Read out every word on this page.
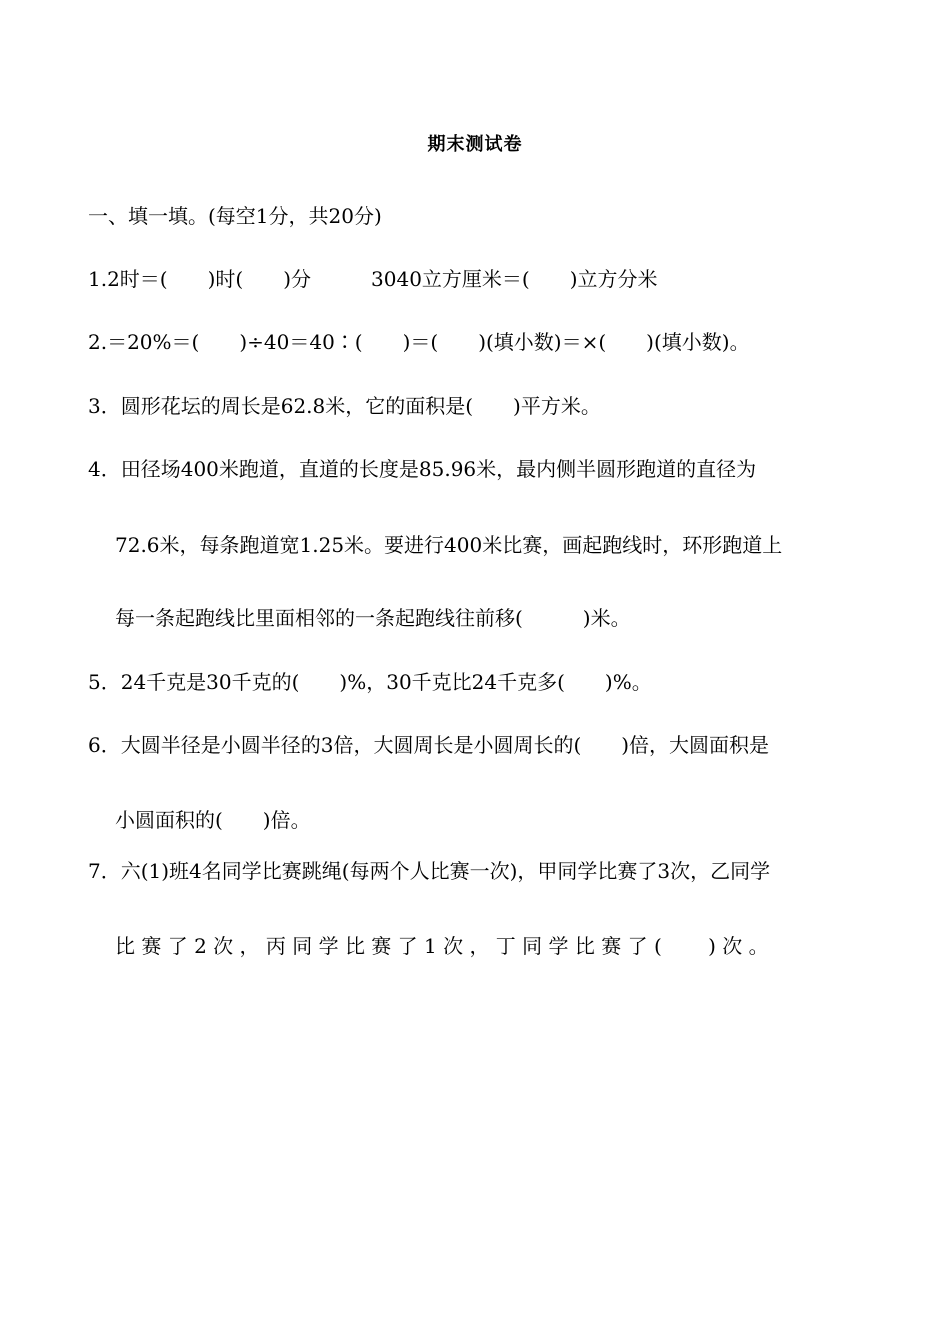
期末测试卷
一、填一填。(每空1分，共20分)
1.2时＝(　　)时(　　)分　　　3040立方厘米＝(　　)立方分米
2.＝20%＝(　　)÷40＝40∶(　　)＝(　　)(填小数)＝×(　　)(填小数)。
3．圆形花坛的周长是62.8米，它的面积是(　　)平方米。
4．田径场400米跑道，直道的长度是85.96米，最内侧半圆形跑道的直径为
72.6米，每条跑道宽1.25米。要进行400米比赛，画起跑线时，环形跑道上
每一条起跑线比里面相邻的一条起跑线往前移(　　　)米。
5．24千克是30千克的(　　)%，30千克比24千克多(　　)%。
6．大圆半径是小圆半径的3倍，大圆周长是小圆周长的(　　)倍，大圆面积是
小圆面积的(　　)倍。
7．六(1)班4名同学比赛跳绳(每两个人比赛一次)，甲同学比赛了3次，乙同学
比 赛 了 2 次 ， 丙 同 学 比 赛 了 1 次 ， 丁 同 学 比 赛 了 (　　 ) 次 。
